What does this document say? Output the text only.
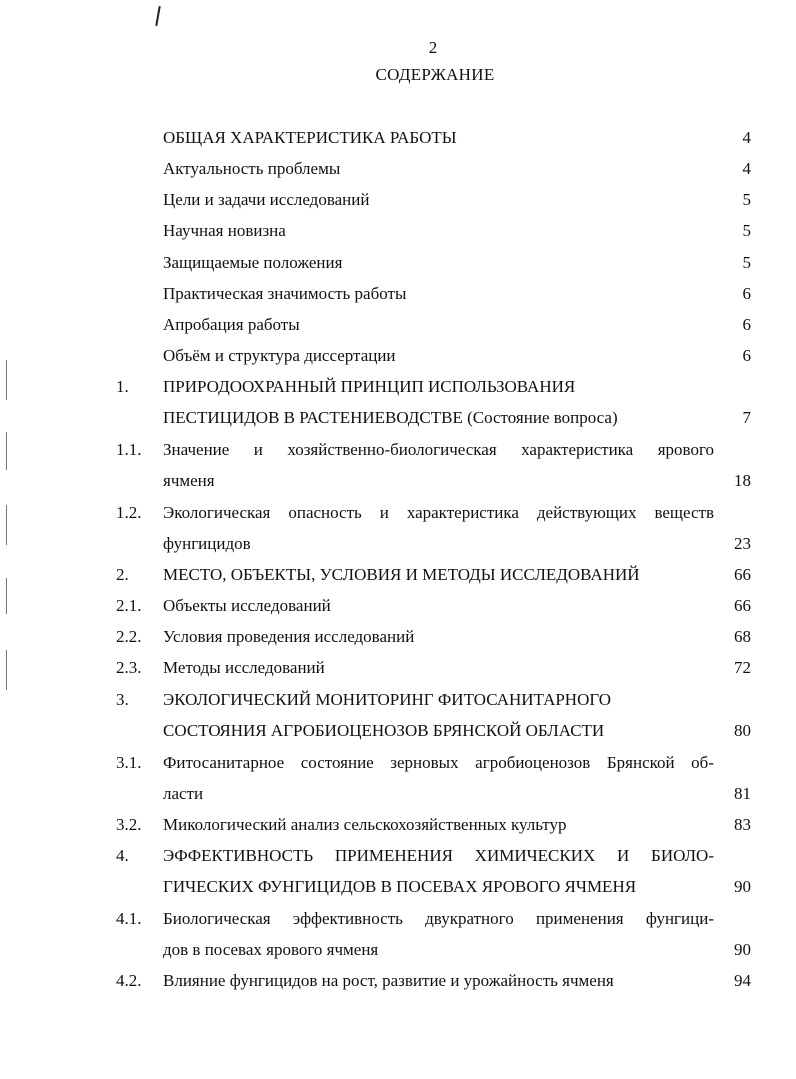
2
СОДЕРЖАНИЕ
ОБЩАЯ ХАРАКТЕРИСТИКА РАБОТЫ	4
Актуальность проблемы	4
Цели и задачи исследований	5
Научная новизна	5
Защищаемые положения	5
Практическая значимость работы	6
Апробация работы	6
Объём и структура диссертации	6
1. ПРИРОДООХРАННЫЙ ПРИНЦИП ИСПОЛЬЗОВАНИЯ
ПЕСТИЦИДОВ В РАСТЕНИЕВОДСТВЕ (Состояние вопроса)	7
1.1. Значение и хозяйственно-биологическая характеристика ярового
ячменя	18
1.2. Экологическая опасность и характеристика действующих веществ
фунгицидов	23
2. МЕСТО, ОБЪЕКТЫ, УСЛОВИЯ И МЕТОДЫ ИССЛЕДОВАНИЙ	66
2.1. Объекты исследований	66
2.2. Условия проведения исследований	68
2.3. Методы исследований	72
3. ЭКОЛОГИЧЕСКИЙ МОНИТОРИНГ ФИТОСАНИТАРНОГО
СОСТОЯНИЯ АГРОБИОЦЕНОЗОВ БРЯНСКОЙ ОБЛАСТИ	80
3.1. Фитосанитарное состояние зерновых агробиоценозов Брянской об-
ласти	81
3.2. Микологический анализ сельскохозяйственных культур	83
4. ЭФФЕКТИВНОСТЬ ПРИМЕНЕНИЯ ХИМИЧЕСКИХ И БИОЛО-
ГИЧЕСКИХ ФУНГИЦИДОВ В ПОСЕВАХ ЯРОВОГО ЯЧМЕНЯ	90
4.1. Биологическая эффективность двукратного применения фунгици-
дов в посевах ярового ячменя	90
4.2. Влияние фунгицидов на рост, развитие и урожайность ячменя	94
